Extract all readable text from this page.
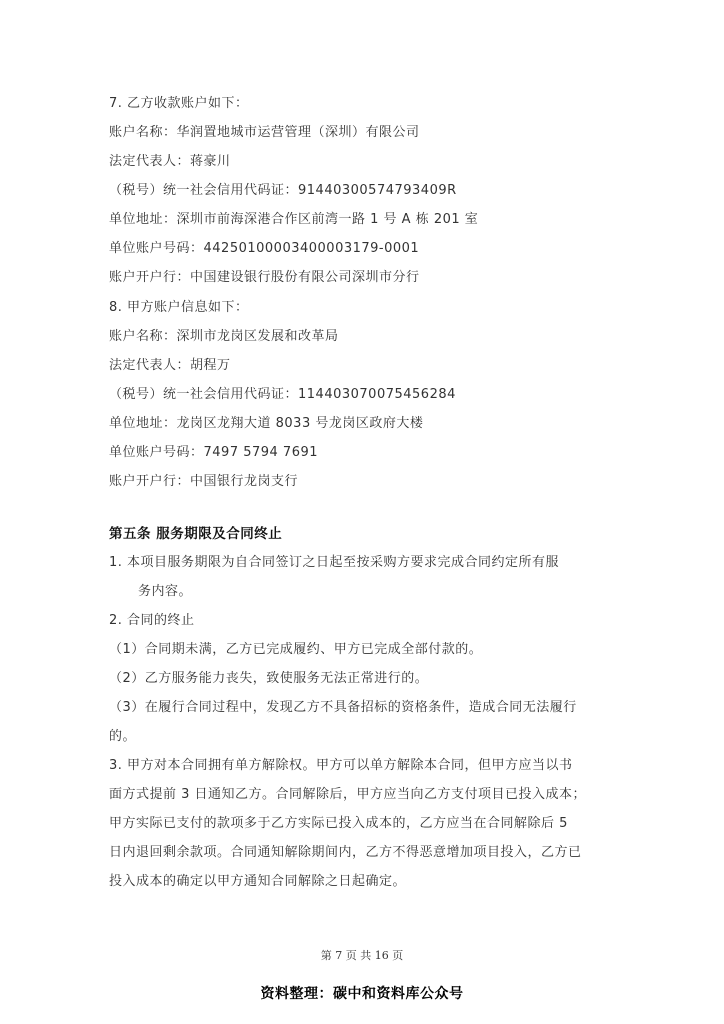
7. 乙方收款账户如下：

账户名称：华润置地城市运营管理（深圳）有限公司

法定代表人：蒋豪川

（税号）统一社会信用代码证：91440300574793409R

单位地址：深圳市前海深港合作区前湾一路 1 号 A 栋 201 室

单位账户号码：44250100003400003179-0001

账户开户行：中国建设银行股份有限公司深圳市分行

8. 甲方账户信息如下：

账户名称：深圳市龙岗区发展和改革局

法定代表人：胡程万

（税号）统一社会信用代码证：114403070075456284

单位地址：龙岗区龙翔大道 8033 号龙岗区政府大楼

单位账户号码：7497 5794 7691

账户开户行：中国银行龙岗支行

第五条 服务期限及合同终止

1. 本项目服务期限为自合同签订之日起至按采购方要求完成合同约定所有服

务内容。

2. 合同的终止

（1）合同期未满，乙方已完成履约、甲方已完成全部付款的。

（2）乙方服务能力丧失，致使服务无法正常进行的。

（3）在履行合同过程中，发现乙方不具备招标的资格条件，造成合同无法履行

的。

3. 甲方对本合同拥有单方解除权。甲方可以单方解除本合同，但甲方应当以书

面方式提前 3 日通知乙方。合同解除后，甲方应当向乙方支付项目已投入成本；

甲方实际已支付的款项多于乙方实际已投入成本的，乙方应当在合同解除后 5

日内退回剩余款项。合同通知解除期间内，乙方不得恶意增加项目投入，乙方已

投入成本的确定以甲方通知合同解除之日起确定。

第 7 页 共 16 页
资料整理：碳中和资料库公众号
